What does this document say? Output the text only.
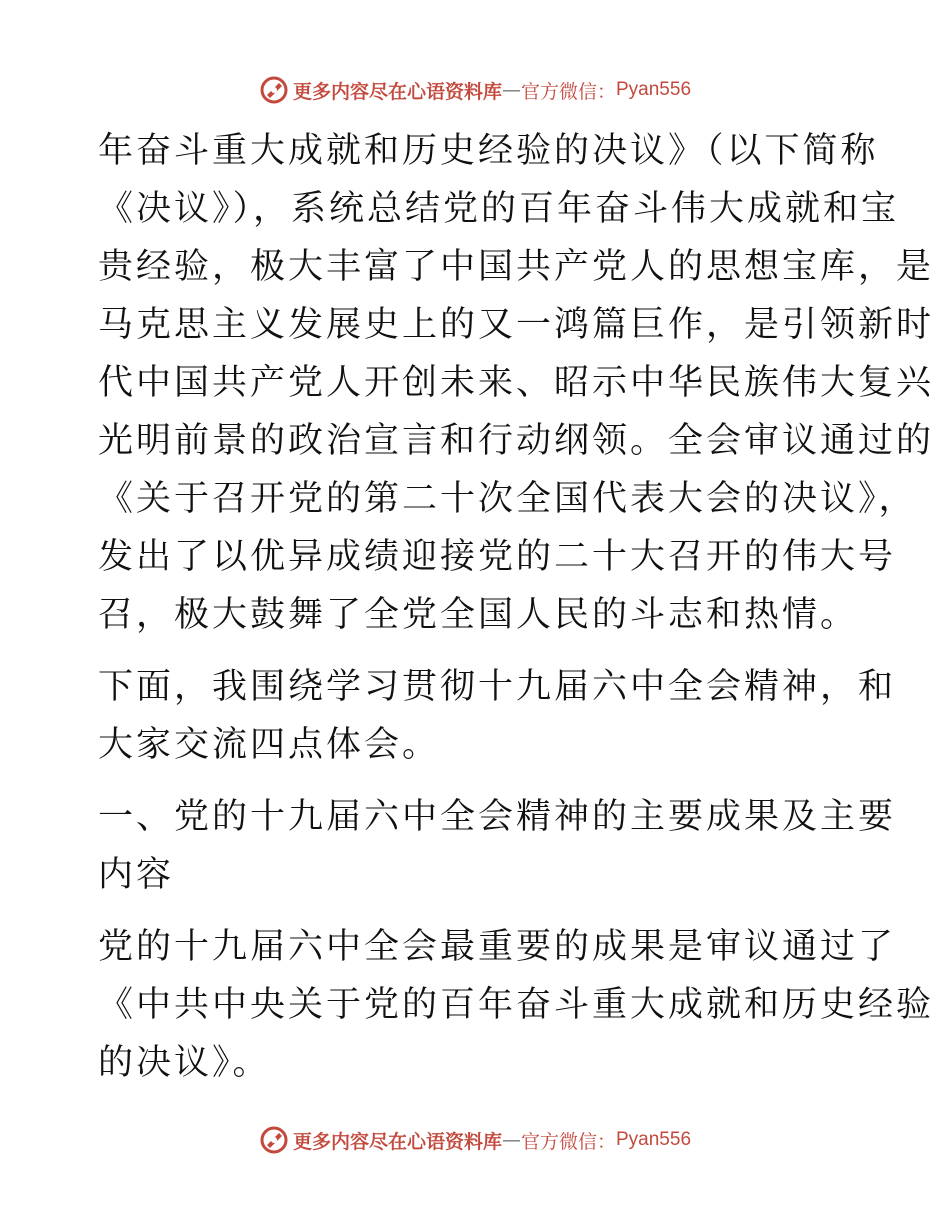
更多内容尽在心语资料库 — 官方微信： Pyan556

年奋斗重大成就和历史经验的决议》（以下简称
《决议》），系统总结党的百年奋斗伟大成就和宝
贵经验，极大丰富了中国共产党人的思想宝库，是
马克思主义发展史上的又一鸿篇巨作，是引领新时
代中国共产党人开创未来、昭示中华民族伟大复兴
光明前景的政治宣言和行动纲领。全会审议通过的
《关于召开党的第二十次全国代表大会的决议》，
发出了以优异成绩迎接党的二十大召开的伟大号
召，极大鼓舞了全党全国人民的斗志和热情。

下面，我围绕学习贯彻十九届六中全会精神，和
大家交流四点体会。

一、党的十九届六中全会精神的主要成果及主要
内容

党的十九届六中全会最重要的成果是审议通过了
《中共中央关于党的百年奋斗重大成就和历史经验
的决议》。

更多内容尽在心语资料库 — 官方微信： Pyan556
